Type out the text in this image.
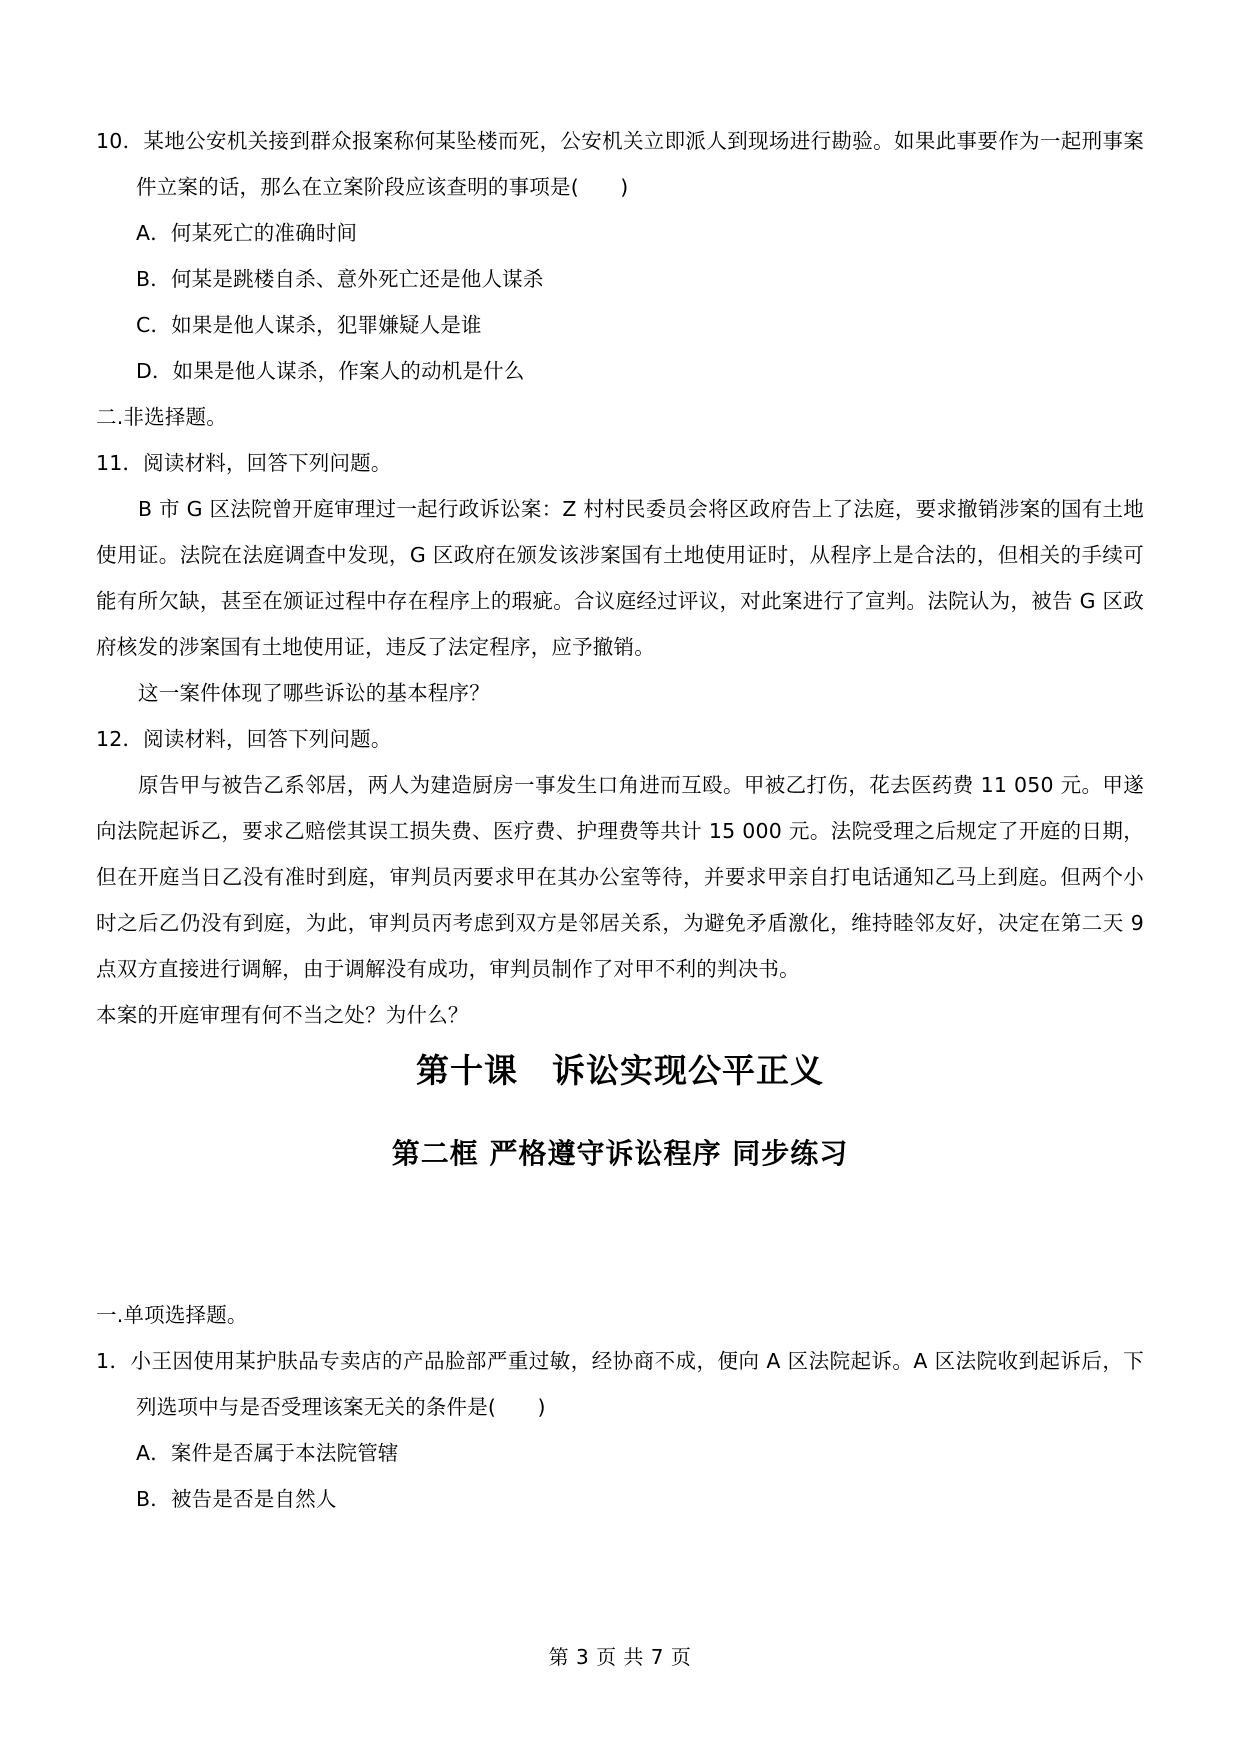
10．某地公安机关接到群众报案称何某坠楼而死，公安机关立即派人到现场进行勘验。如果此事要作为一起刑事案件立案的话，那么在立案阶段应该查明的事项是(　　)

A．何某死亡的准确时间

B．何某是跳楼自杀、意外死亡还是他人谋杀

C．如果是他人谋杀，犯罪嫌疑人是谁

D．如果是他人谋杀，作案人的动机是什么

二.非选择题。

11．阅读材料，回答下列问题。

B 市 G 区法院曾开庭审理过一起行政诉讼案：Z 村村民委员会将区政府告上了法庭，要求撤销涉案的国有土地使用证。法院在法庭调查中发现，G 区政府在颁发该涉案国有土地使用证时，从程序上是合法的，但相关的手续可能有所欠缺，甚至在颁证过程中存在程序上的瑕疵。合议庭经过评议，对此案进行了宣判。法院认为，被告 G 区政府核发的涉案国有土地使用证，违反了法定程序，应予撤销。

这一案件体现了哪些诉讼的基本程序？

12．阅读材料，回答下列问题。

原告甲与被告乙系邻居，两人为建造厨房一事发生口角进而互殴。甲被乙打伤，花去医药费 11 050 元。甲遂向法院起诉乙，要求乙赔偿其误工损失费、医疗费、护理费等共计 15 000 元。法院受理之后规定了开庭的日期，但在开庭当日乙没有准时到庭，审判员丙要求甲在其办公室等待，并要求甲亲自打电话通知乙马上到庭。但两个小时之后乙仍没有到庭，为此，审判员丙考虑到双方是邻居关系，为避免矛盾激化，维持睦邻友好，决定在第二天 9 点双方直接进行调解，由于调解没有成功，审判员制作了对甲不利的判决书。

本案的开庭审理有何不当之处？为什么？

第十课　诉讼实现公平正义
第二框 严格遵守诉讼程序 同步练习

一.单项选择题。

1．小王因使用某护肤品专卖店的产品脸部严重过敏，经协商不成，便向 A 区法院起诉。A 区法院收到起诉后，下列选项中与是否受理该案无关的条件是(　　)

A．案件是否属于本法院管辖

B．被告是否是自然人

第 3 页 共 7 页
